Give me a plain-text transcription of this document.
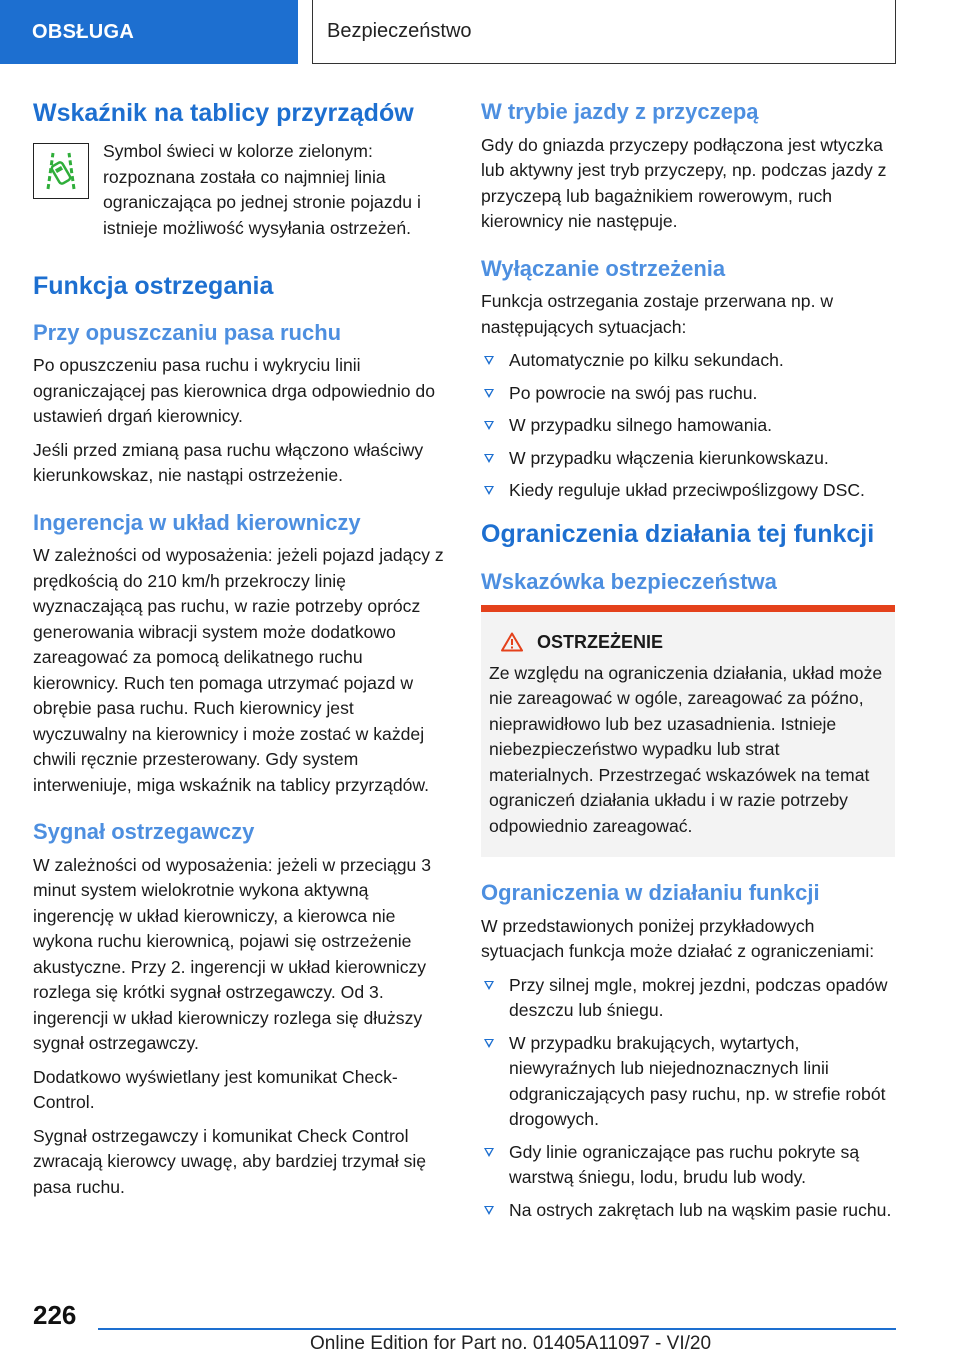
OBSŁUGA	Bezpieczeństwo
Wskaźnik na tablicy przyrządów

Symbol świeci w kolorze zielonym: rozpoznana została co najmniej linia ograniczająca po jednej stronie pojazdu i istnieje możliwość wysyłania ostrzeżeń.

Funkcja ostrzegania
Przy opuszczaniu pasa ruchu

Po opuszczeniu pasa ruchu i wykryciu linii ograniczającej pas kierownica drga odpowiednio do ustawień drgań kierownicy.

Jeśli przed zmianą pasa ruchu włączono właściwy kierunkowskaz, nie nastąpi ostrzeżenie.

Ingerencja w układ kierowniczy

W zależności od wyposażenia: jeżeli pojazd jadący z prędkością do 210 km/h przekroczy linię wyznaczającą pas ruchu, w razie potrzeby oprócz generowania wibracji system może dodatkowo zareagować za pomocą delikatnego ruchu kierownicy. Ruch ten pomaga utrzymać pojazd w obrębie pasa ruchu. Ruch kierownicy jest wyczuwalny na kierownicy i może zostać w każdej chwili ręcznie przesterowany. Gdy system interweniuje, miga wskaźnik na tablicy przyrządów.

Sygnał ostrzegawczy

W zależności od wyposażenia: jeżeli w przeciągu 3 minut system wielokrotnie wykona aktywną ingerencję w układ kierowniczy, a kierowca nie wykona ruchu kierownicą, pojawi się ostrzeżenie akustyczne. Przy 2. ingerencji w układ kierowniczy rozlega się krótki sygnał ostrzegawczy. Od 3. ingerencji w układ kierowniczy rozlega się dłuższy sygnał ostrzegawczy.

Dodatkowo wyświetlany jest komunikat Check-Control.

Sygnał ostrzegawczy i komunikat Check Control zwracają kierowcy uwagę, aby bardziej trzymał się pasa ruchu.

W trybie jazdy z przyczepą

Gdy do gniazda przyczepy podłączona jest wtyczka lub aktywny jest tryb przyczepy, np. podczas jazdy z przyczepą lub bagażnikiem rowerowym, ruch kierownicy nie następuje.

Wyłączanie ostrzeżenia

Funkcja ostrzegania zostaje przerwana np. w następujących sytuacjach:

Automatycznie po kilku sekundach.
Po powrocie na swój pas ruchu.
W przypadku silnego hamowania.
W przypadku włączenia kierunkowskazu.
Kiedy reguluje układ przeciwpoślizgowy DSC.
Ograniczenia działania tej funkcji
Wskazówka bezpieczeństwa
OSTRZEŻENIE

Ze względu na ograniczenia działania, układ może nie zareagować w ogóle, zareagować za późno, nieprawidłowo lub bez uzasadnienia. Istnieje niebezpieczeństwo wypadku lub strat materialnych. Przestrzegać wskazówek na temat ograniczeń działania układu i w razie potrzeby odpowiednio zareagować.

Ograniczenia w działaniu funkcji

W przedstawionych poniżej przykładowych sytuacjach funkcja może działać z ograniczeniami:

Przy silnej mgle, mokrej jezdni, podczas opadów deszczu lub śniegu.
W przypadku brakujących, wytartych, niewyraźnych lub niejednoznacznych linii odgraniczających pasy ruchu, np. w strefie robót drogowych.
Gdy linie ograniczające pas ruchu pokryte są warstwą śniegu, lodu, brudu lub wody.
Na ostrych zakrętach lub na wąskim pasie ruchu.
226
Online Edition for Part no. 01405A11097 - VI/20
